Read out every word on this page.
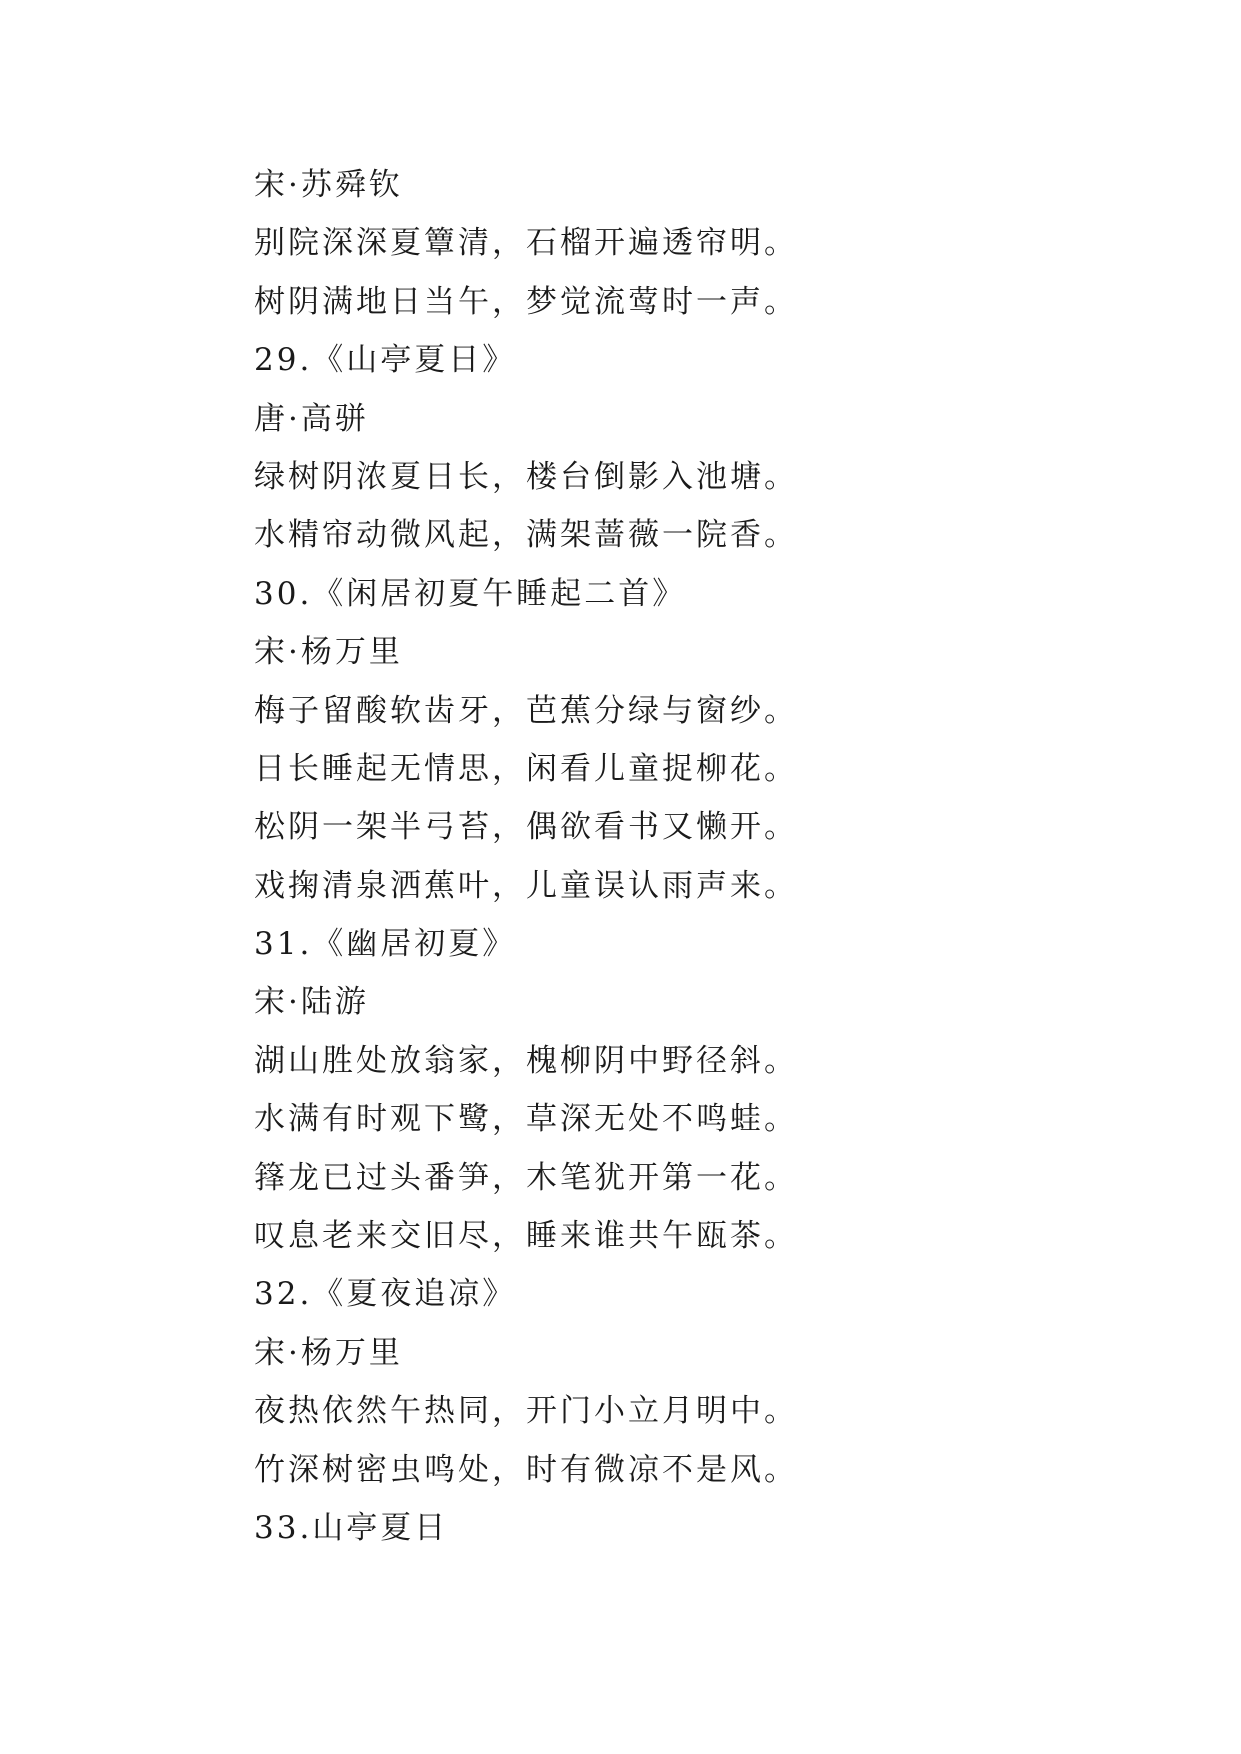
宋·苏舜钦
别院深深夏簟清，石榴开遍透帘明。
树阴满地日当午，梦觉流莺时一声。
29.《山亭夏日》
唐·高骈
绿树阴浓夏日长，楼台倒影入池塘。
水精帘动微风起，满架蔷薇一院香。
30.《闲居初夏午睡起二首》
宋·杨万里
梅子留酸软齿牙，芭蕉分绿与窗纱。
日长睡起无情思，闲看儿童捉柳花。
松阴一架半弓苔，偶欲看书又懒开。
戏掬清泉洒蕉叶，儿童误认雨声来。
31.《幽居初夏》
宋·陆游
湖山胜处放翁家，槐柳阴中野径斜。
水满有时观下鹭，草深无处不鸣蛙。
箨龙已过头番笋，木笔犹开第一花。
叹息老来交旧尽，睡来谁共午瓯茶。
32.《夏夜追凉》
宋·杨万里
夜热依然午热同，开门小立月明中。
竹深树密虫鸣处，时有微凉不是风。
33.山亭夏日
